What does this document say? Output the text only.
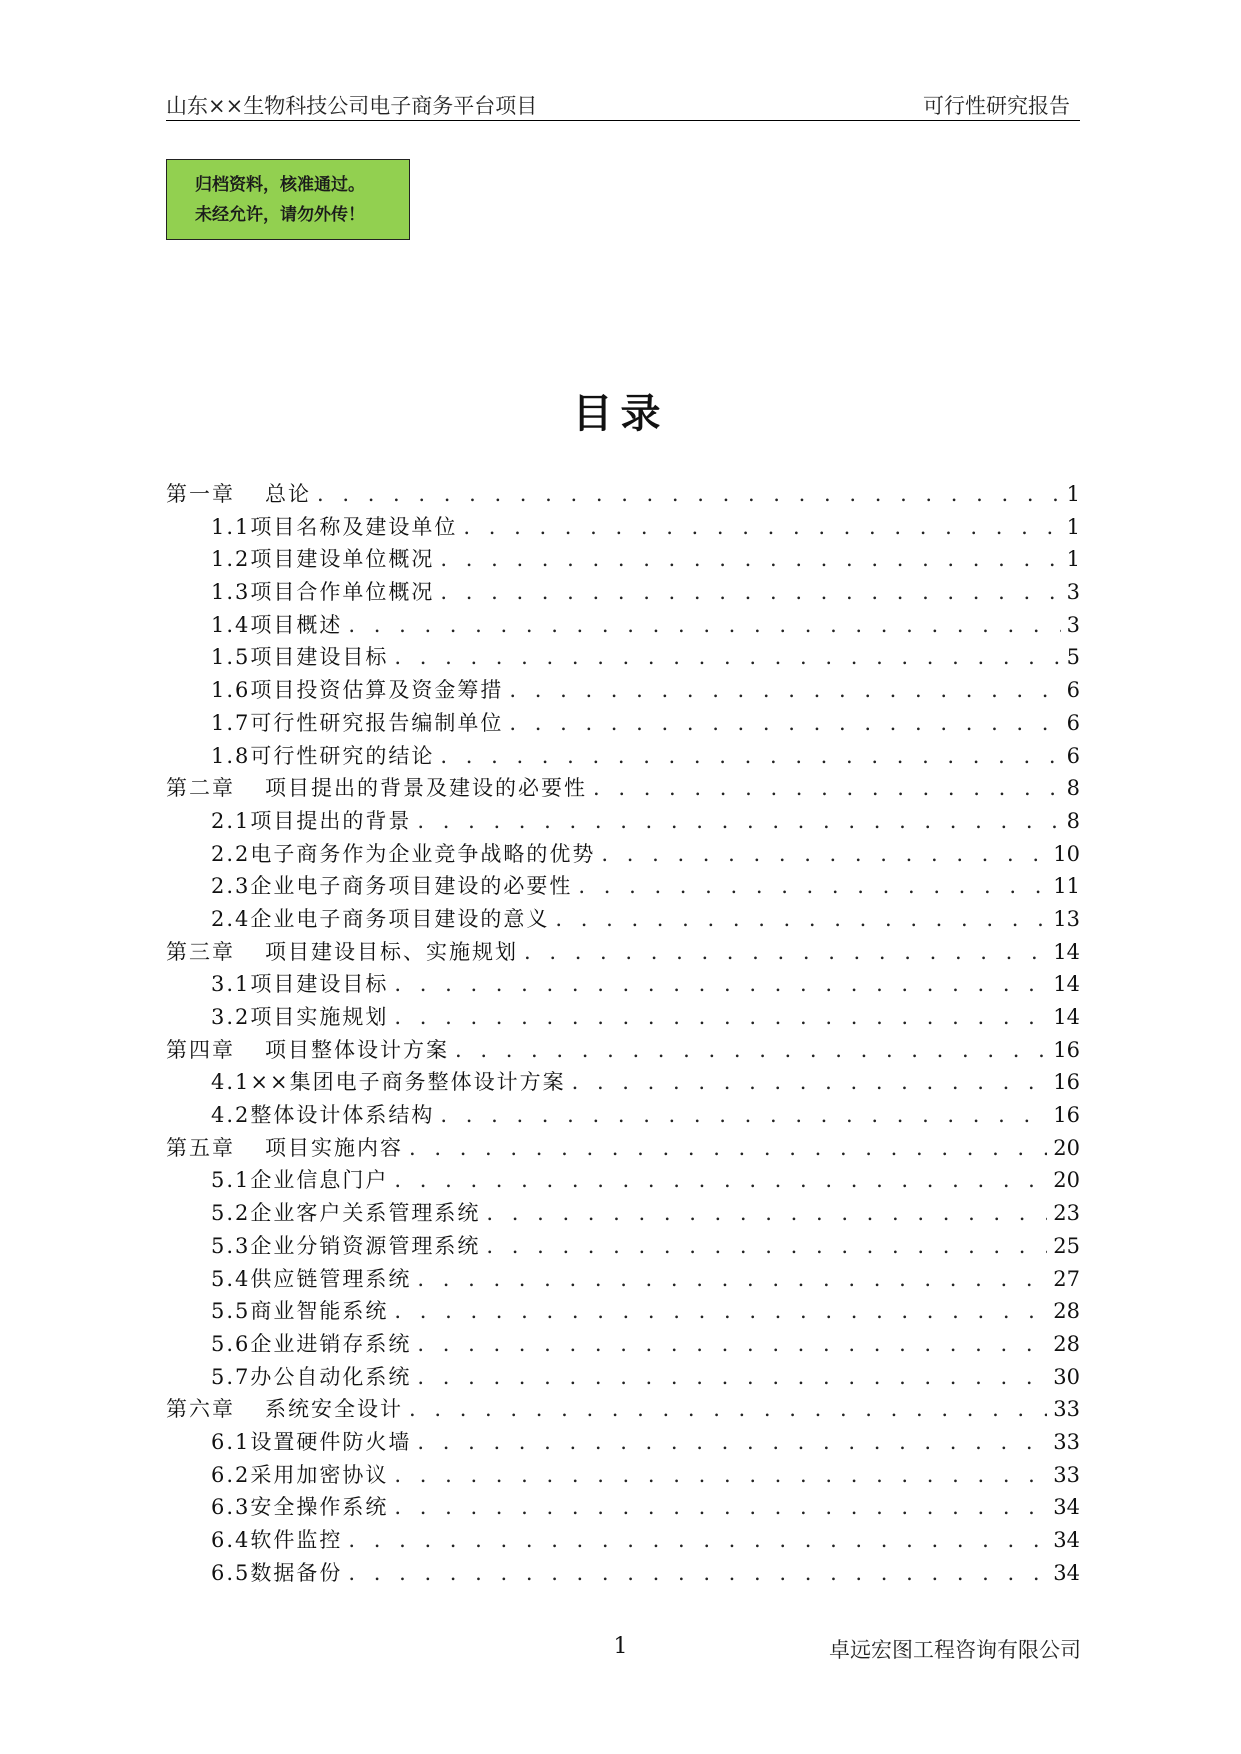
山东××生物科技公司电子商务平台项目	可行性研究报告
归档资料，核准通过。
未经允许，请勿外传！
目录
第一章 总论 . . .	1
1.1项目名称及建设单位 . . .	1
1.2项目建设单位概况 . . .	1
1.3项目合作单位概况 . . .	3
1.4项目概述 . . .	3
1.5项目建设目标 . . .	5
1.6项目投资估算及资金筹措 . . .	6
1.7可行性研究报告编制单位 . . .	6
1.8可行性研究的结论 . . .	6
第二章 项目提出的背景及建设的必要性 . . .	8
2.1项目提出的背景 . . .	8
2.2电子商务作为企业竞争战略的优势 . . .	10
2.3企业电子商务项目建设的必要性 . . .	11
2.4企业电子商务项目建设的意义 . . .	13
第三章 项目建设目标、实施规划 . . .	14
3.1项目建设目标 . . .	14
3.2项目实施规划 . . .	14
第四章 项目整体设计方案 . . .	16
4.1××集团电子商务整体设计方案 . . .	16
4.2整体设计体系结构 . . .	16
第五章 项目实施内容 . . .	20
5.1企业信息门户 . . .	20
5.2企业客户关系管理系统 . . .	23
5.3企业分销资源管理系统 . . .	25
5.4供应链管理系统 . . .	27
5.5商业智能系统 . . .	28
5.6企业进销存系统 . . .	28
5.7办公自动化系统 . . .	30
第六章 系统安全设计 . . .	33
6.1设置硬件防火墙 . . .	33
6.2采用加密协议 . . .	33
6.3安全操作系统 . . .	34
6.4软件监控 . . .	34
6.5数据备份 . . .	34
1	卓远宏图工程咨询有限公司
